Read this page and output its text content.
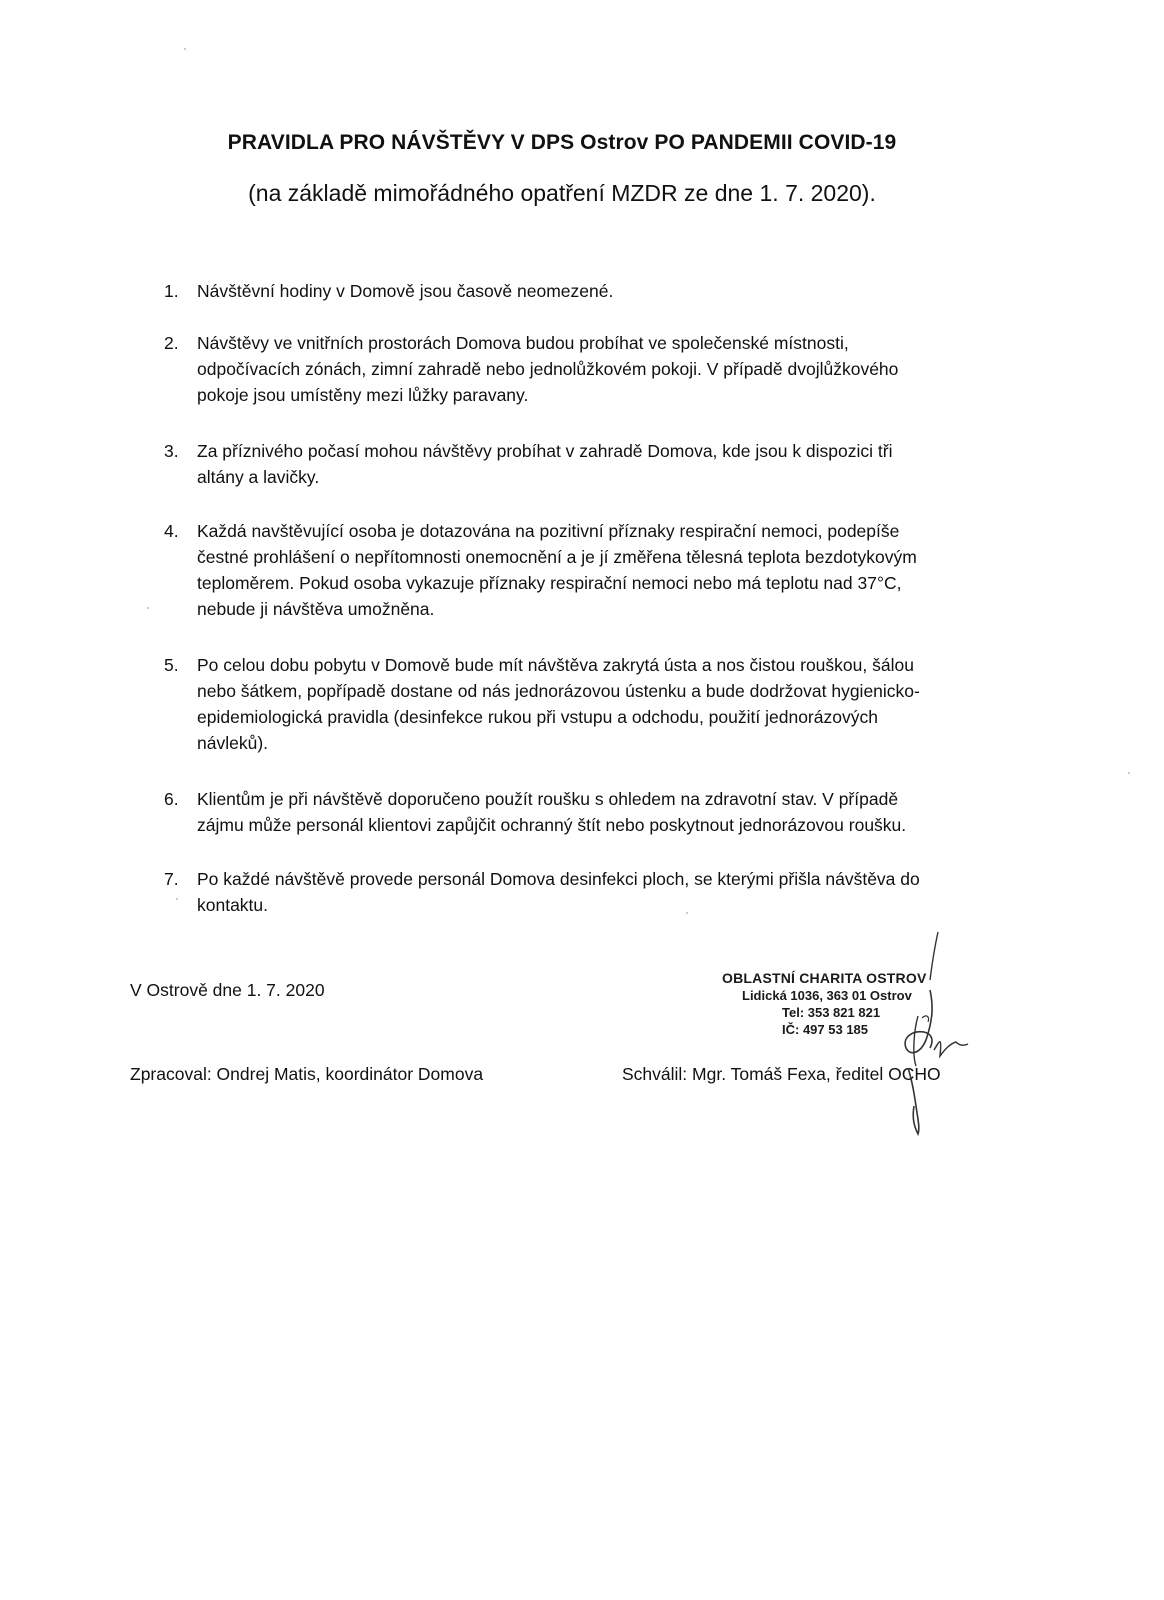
PRAVIDLA PRO NÁVŠTĚVY V DPS Ostrov PO PANDEMII COVID-19
(na základě mimořádného opatření MZDR ze dne 1. 7. 2020).
1.	Návštěvní hodiny v Domově jsou časově neomezené.
2.	Návštěvy ve vnitřních prostorách Domova budou probíhat ve společenské místnosti,
odpočívacích zónách, zimní zahradě nebo jednolůžkovém pokoji. V případě dvojlůžkového
pokoje jsou umístěny mezi lůžky paravany.
3.	Za příznivého počasí mohou návštěvy probíhat v zahradě Domova, kde jsou k dispozici tři
altány a lavičky.
4.	Každá navštěvující osoba je dotazována na pozitivní příznaky respirační nemoci, podepíše
čestné prohlášení o nepřítomnosti onemocnění a je jí změřena tělesná teplota bezdotykovým
teploměrem. Pokud osoba vykazuje příznaky respirační nemoci nebo má teplotu nad 37°C,
nebude ji návštěva umožněna.
5.	Po celou dobu pobytu v Domově bude mít návštěva zakrytá ústa a nos čistou rouškou, šálou
nebo šátkem, popřípadě dostane od nás jednorázovou ústenku a bude dodržovat hygienicko-
epidemiologická pravidla (desinfekce rukou při vstupu a odchodu, použití jednorázových
návleků).
6.	Klientům je při návštěvě doporučeno použít roušku s ohledem na zdravotní stav. V případě
zájmu může personál klientovi zapůjčit ochranný štít nebo poskytnout jednorázovou roušku.
7.	Po každé návštěvě provede personál Domova desinfekci ploch, se kterými přišla návštěva do
kontaktu.
V Ostrově dne 1. 7. 2020
OBLASTNÍ CHARITA OSTROV
Lidická 1036, 363 01 Ostrov
Tel: 353 821 821
IČ: 497 53 185
Zpracoval: Ondrej Matis, koordinátor Domova	Schválil: Mgr. Tomáš Fexa, ředitel OCHO
